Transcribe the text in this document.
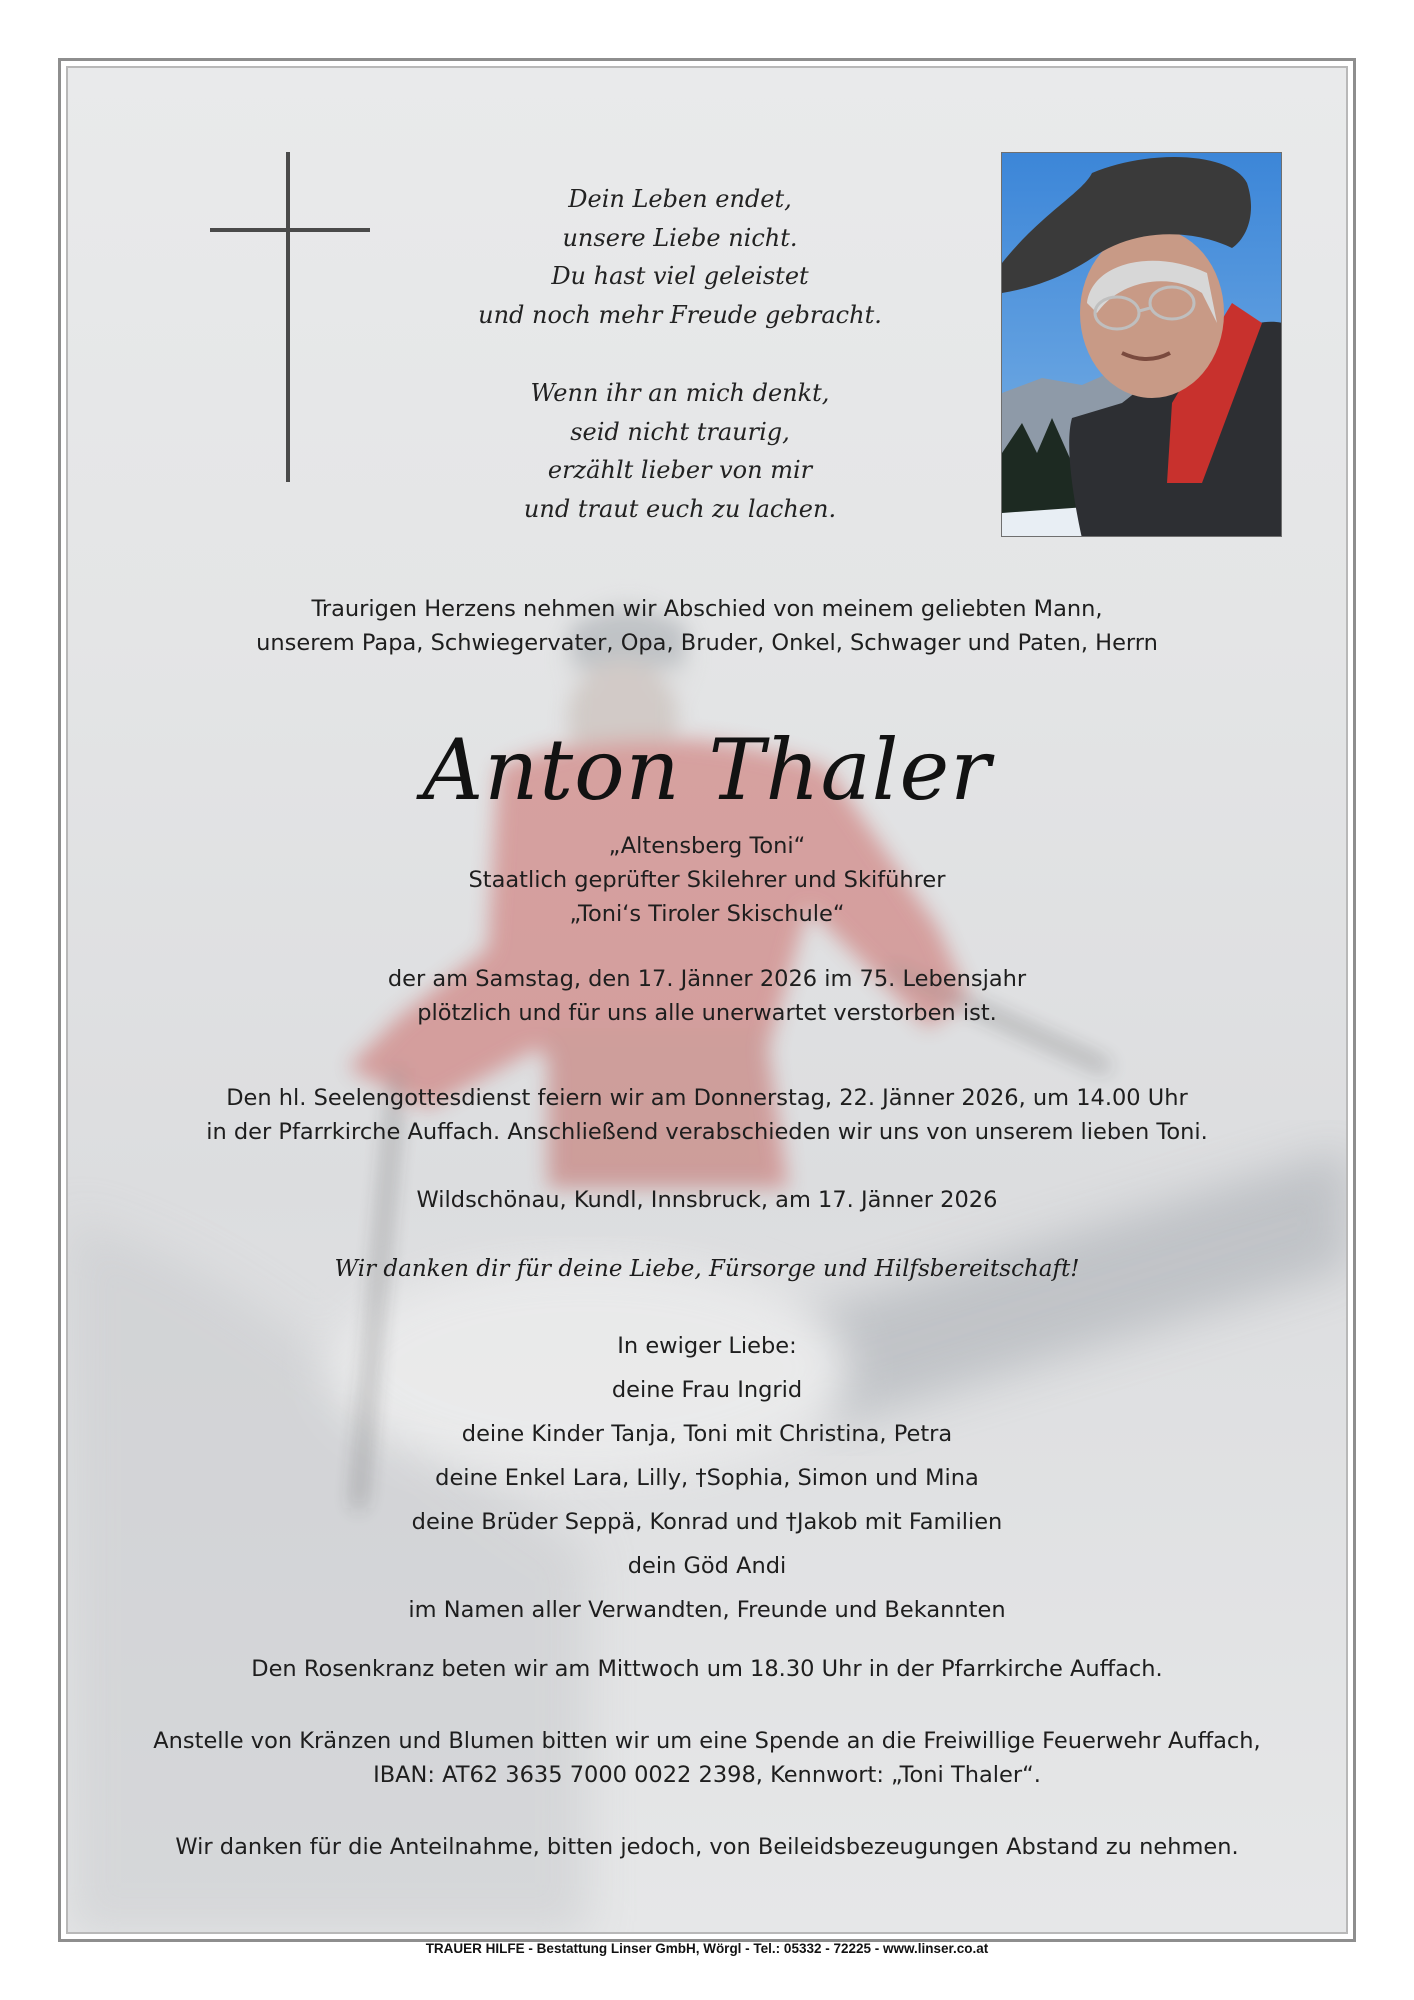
Dein Leben endet,
unsere Liebe nicht.
Du hast viel geleistet
und noch mehr Freude gebracht.
Wenn ihr an mich denkt,
seid nicht traurig,
erzählt lieber von mir
und traut euch zu lachen.
Traurigen Herzens nehmen wir Abschied von meinem geliebten Mann,
unserem Papa, Schwiegervater, Opa, Bruder, Onkel, Schwager und Paten, Herrn
Anton Thaler
„Altensberg Toni“
Staatlich geprüfter Skilehrer und Skiführer
„Toni‘s Tiroler Skischule“
der am Samstag, den 17. Jänner 2026 im 75. Lebensjahr
plötzlich und für uns alle unerwartet verstorben ist.
Den hl. Seelengottesdienst feiern wir am Donnerstag, 22. Jänner 2026, um 14.00 Uhr
in der Pfarrkirche Auffach. Anschließend verabschieden wir uns von unserem lieben Toni.
Wildschönau, Kundl, Innsbruck, am 17. Jänner 2026
Wir danken dir für deine Liebe, Fürsorge und Hilfsbereitschaft!
In ewiger Liebe:
deine Frau Ingrid
deine Kinder Tanja, Toni mit Christina, Petra
deine Enkel Lara, Lilly, †Sophia, Simon und Mina
deine Brüder Seppä, Konrad und †Jakob mit Familien
dein Göd Andi
im Namen aller Verwandten, Freunde und Bekannten
Den Rosenkranz beten wir am Mittwoch um 18.30 Uhr in der Pfarrkirche Auffach.
Anstelle von Kränzen und Blumen bitten wir um eine Spende an die Freiwillige Feuerwehr Auffach,
IBAN: AT62 3635 7000 0022 2398, Kennwort: „Toni Thaler“.
Wir danken für die Anteilnahme, bitten jedoch, von Beileidsbezeugungen Abstand zu nehmen.
TRAUER HILFE - Bestattung Linser GmbH, Wörgl - Tel.: 05332 - 72225 - www.linser.co.at
